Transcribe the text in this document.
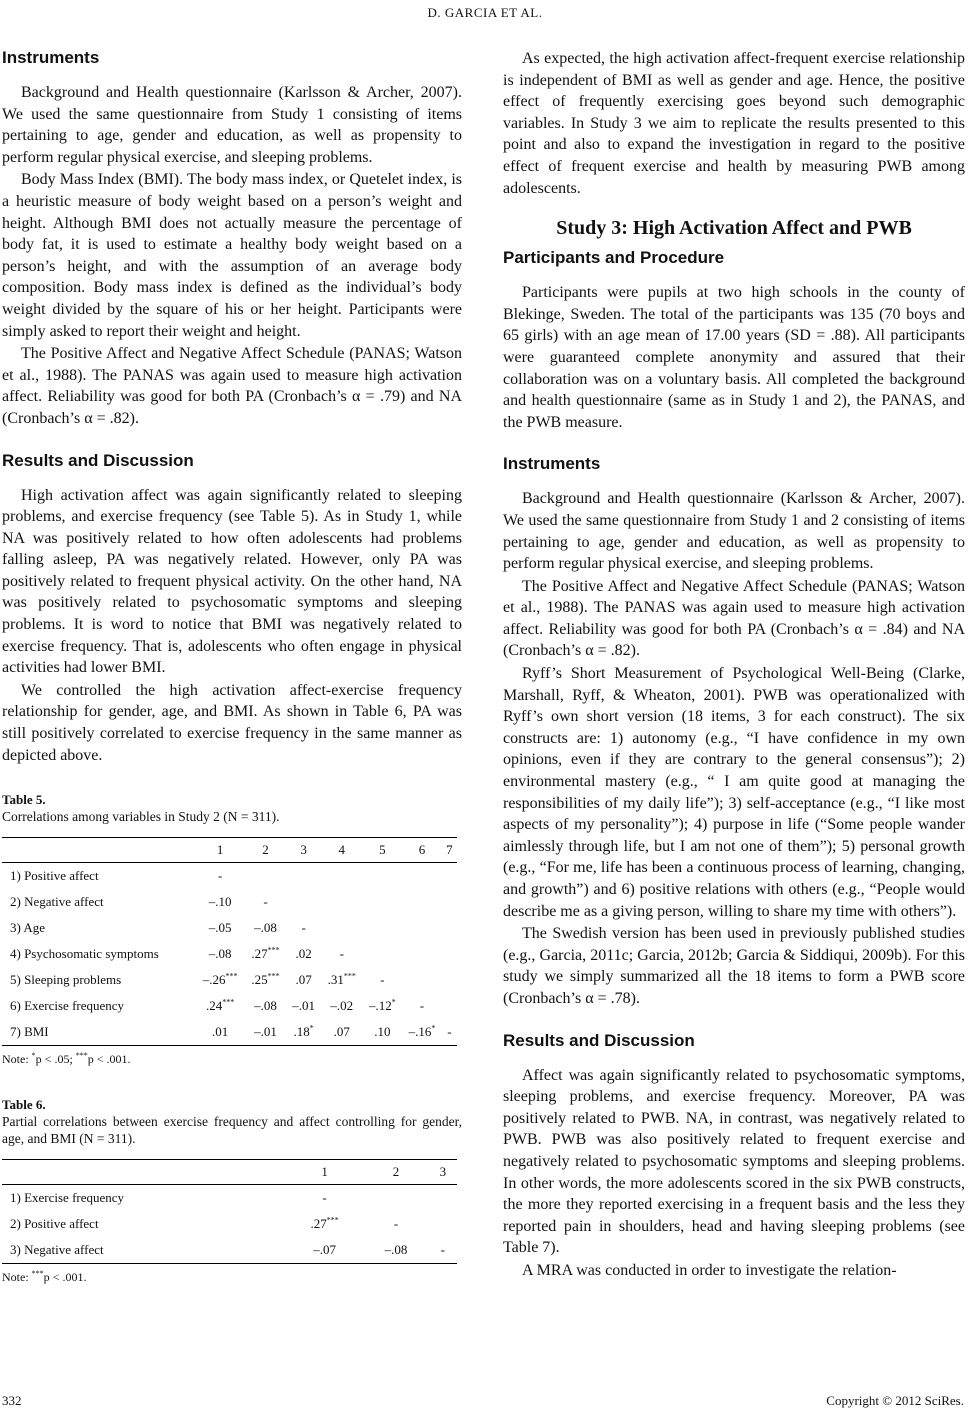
D. GARCIA ET AL.
Instruments

Background and Health questionnaire (Karlsson & Archer, 2007). We used the same questionnaire from Study 1 consisting of items pertaining to age, gender and education, as well as propensity to perform regular physical exercise, and sleeping problems.

Body Mass Index (BMI). The body mass index, or Quetelet index, is a heuristic measure of body weight based on a person’s weight and height. Although BMI does not actually measure the percentage of body fat, it is used to estimate a healthy body weight based on a person’s height, and with the assumption of an average body composition. Body mass index is defined as the individual’s body weight divided by the square of his or her height. Participants were simply asked to report their weight and height.

The Positive Affect and Negative Affect Schedule (PANAS; Watson et al., 1988). The PANAS was again used to measure high activation affect. Reliability was good for both PA (Cronbach’s α = .79) and NA (Cronbach’s α = .82).

Results and Discussion

High activation affect was again significantly related to sleeping problems, and exercise frequency (see Table 5). As in Study 1, while NA was positively related to how often adolescents had problems falling asleep, PA was negatively related. However, only PA was positively related to frequent physical activity. On the other hand, NA was positively related to psychosomatic symptoms and sleeping problems. It is word to notice that BMI was negatively related to exercise frequency. That is, adolescents who often engage in physical activities had lower BMI.

We controlled the high activation affect-exercise frequency relationship for gender, age, and BMI. As shown in Table 6, PA was still positively correlated to exercise frequency in the same manner as depicted above.

Table 5.
Correlations among variables in Study 2 (N = 311).
	1	2	3	4	5	6	7
1) Positive affect	-						
2) Negative affect	–.10	-					
3) Age	–.05	–.08	-				
4) Psychosomatic symptoms	–.08	.27***	.02	-			
5) Sleeping problems	–.26***	.25***	.07	.31***	-		
6) Exercise frequency	.24***	–.08	–.01	–.02	–.12*	-	
7) BMI	.01	–.01	.18*	.07	.10	–.16*	-
Note: *p < .05; ***p < .001.
Table 6.
Partial correlations between exercise frequency and affect controlling for gender, age, and BMI (N = 311).
	1	2	3
1) Exercise frequency	-		
2) Positive affect	.27***	-	
3) Negative affect	–.07	–.08	-
Note: ***p < .001.

As expected, the high activation affect-frequent exercise relationship is independent of BMI as well as gender and age. Hence, the positive effect of frequently exercising goes beyond such demographic variables. In Study 3 we aim to replicate the results presented to this point and also to expand the investigation in regard to the positive effect of frequent exercise and health by measuring PWB among adolescents.

Study 3: High Activation Affect and PWB
Participants and Procedure

Participants were pupils at two high schools in the county of Blekinge, Sweden. The total of the participants was 135 (70 boys and 65 girls) with an age mean of 17.00 years (SD = .88). All participants were guaranteed complete anonymity and assured that their collaboration was on a voluntary basis. All completed the background and health questionnaire (same as in Study 1 and 2), the PANAS, and the PWB measure.

Instruments

Background and Health questionnaire (Karlsson & Archer, 2007). We used the same questionnaire from Study 1 and 2 consisting of items pertaining to age, gender and education, as well as propensity to perform regular physical exercise, and sleeping problems.

The Positive Affect and Negative Affect Schedule (PANAS; Watson et al., 1988). The PANAS was again used to measure high activation affect. Reliability was good for both PA (Cronbach’s α = .84) and NA (Cronbach’s α = .82).

Ryff’s Short Measurement of Psychological Well-Being (Clarke, Marshall, Ryff, & Wheaton, 2001). PWB was operationalized with Ryff’s own short version (18 items, 3 for each construct). The six constructs are: 1) autonomy (e.g., “I have confidence in my own opinions, even if they are contrary to the general consensus”); 2) environmental mastery (e.g., “ I am quite good at managing the responsibilities of my daily life”); 3) self-acceptance (e.g., “I like most aspects of my personality”); 4) purpose in life (“Some people wander aimlessly through life, but I am not one of them”); 5) personal growth (e.g., “For me, life has been a continuous process of learning, changing, and growth”) and 6) positive relations with others (e.g., “People would describe me as a giving person, willing to share my time with others”).

The Swedish version has been used in previously published studies (e.g., Garcia, 2011c; Garcia, 2012b; Garcia & Siddiqui, 2009b). For this study we simply summarized all the 18 items to form a PWB score (Cronbach’s α = .78).

Results and Discussion

Affect was again significantly related to psychosomatic symptoms, sleeping problems, and exercise frequency. Moreover, PA was positively related to PWB. NA, in contrast, was negatively related to PWB. PWB was also positively related to frequent exercise and negatively related to psychosomatic symptoms and sleeping problems. In other words, the more adolescents scored in the six PWB constructs, the more they reported exercising in a frequent basis and the less they reported pain in shoulders, head and having sleeping problems (see Table 7).

A MRA was conducted in order to investigate the relation-

332	Copyright © 2012 SciRes.
